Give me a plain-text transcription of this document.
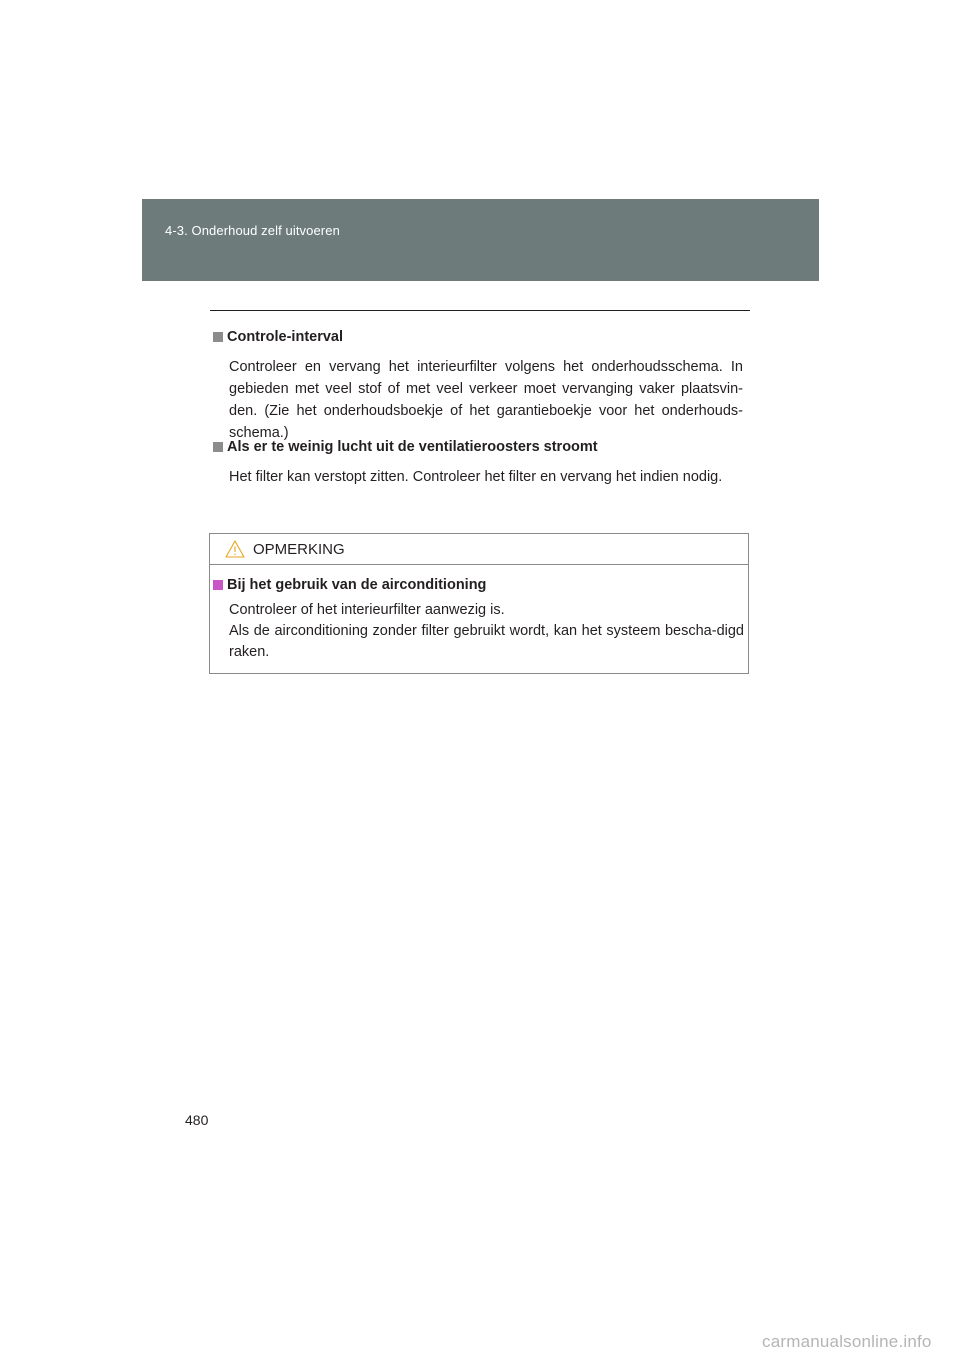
4-3. Onderhoud zelf uitvoeren
Controle-interval
Controleer en vervang het interieurfilter volgens het onderhoudsschema. In gebieden met veel stof of met veel verkeer moet vervanging vaker plaatsvin-den. (Zie het onderhoudsboekje of het garantieboekje voor het onderhouds-schema.)
Als er te weinig lucht uit de ventilatieroosters stroomt
Het filter kan verstopt zitten. Controleer het filter en vervang het indien nodig.
OPMERKING
Bij het gebruik van de airconditioning
Controleer of het interieurfilter aanwezig is.
Als de airconditioning zonder filter gebruikt wordt, kan het systeem bescha-digd raken.
480
carmanualsonline.info
